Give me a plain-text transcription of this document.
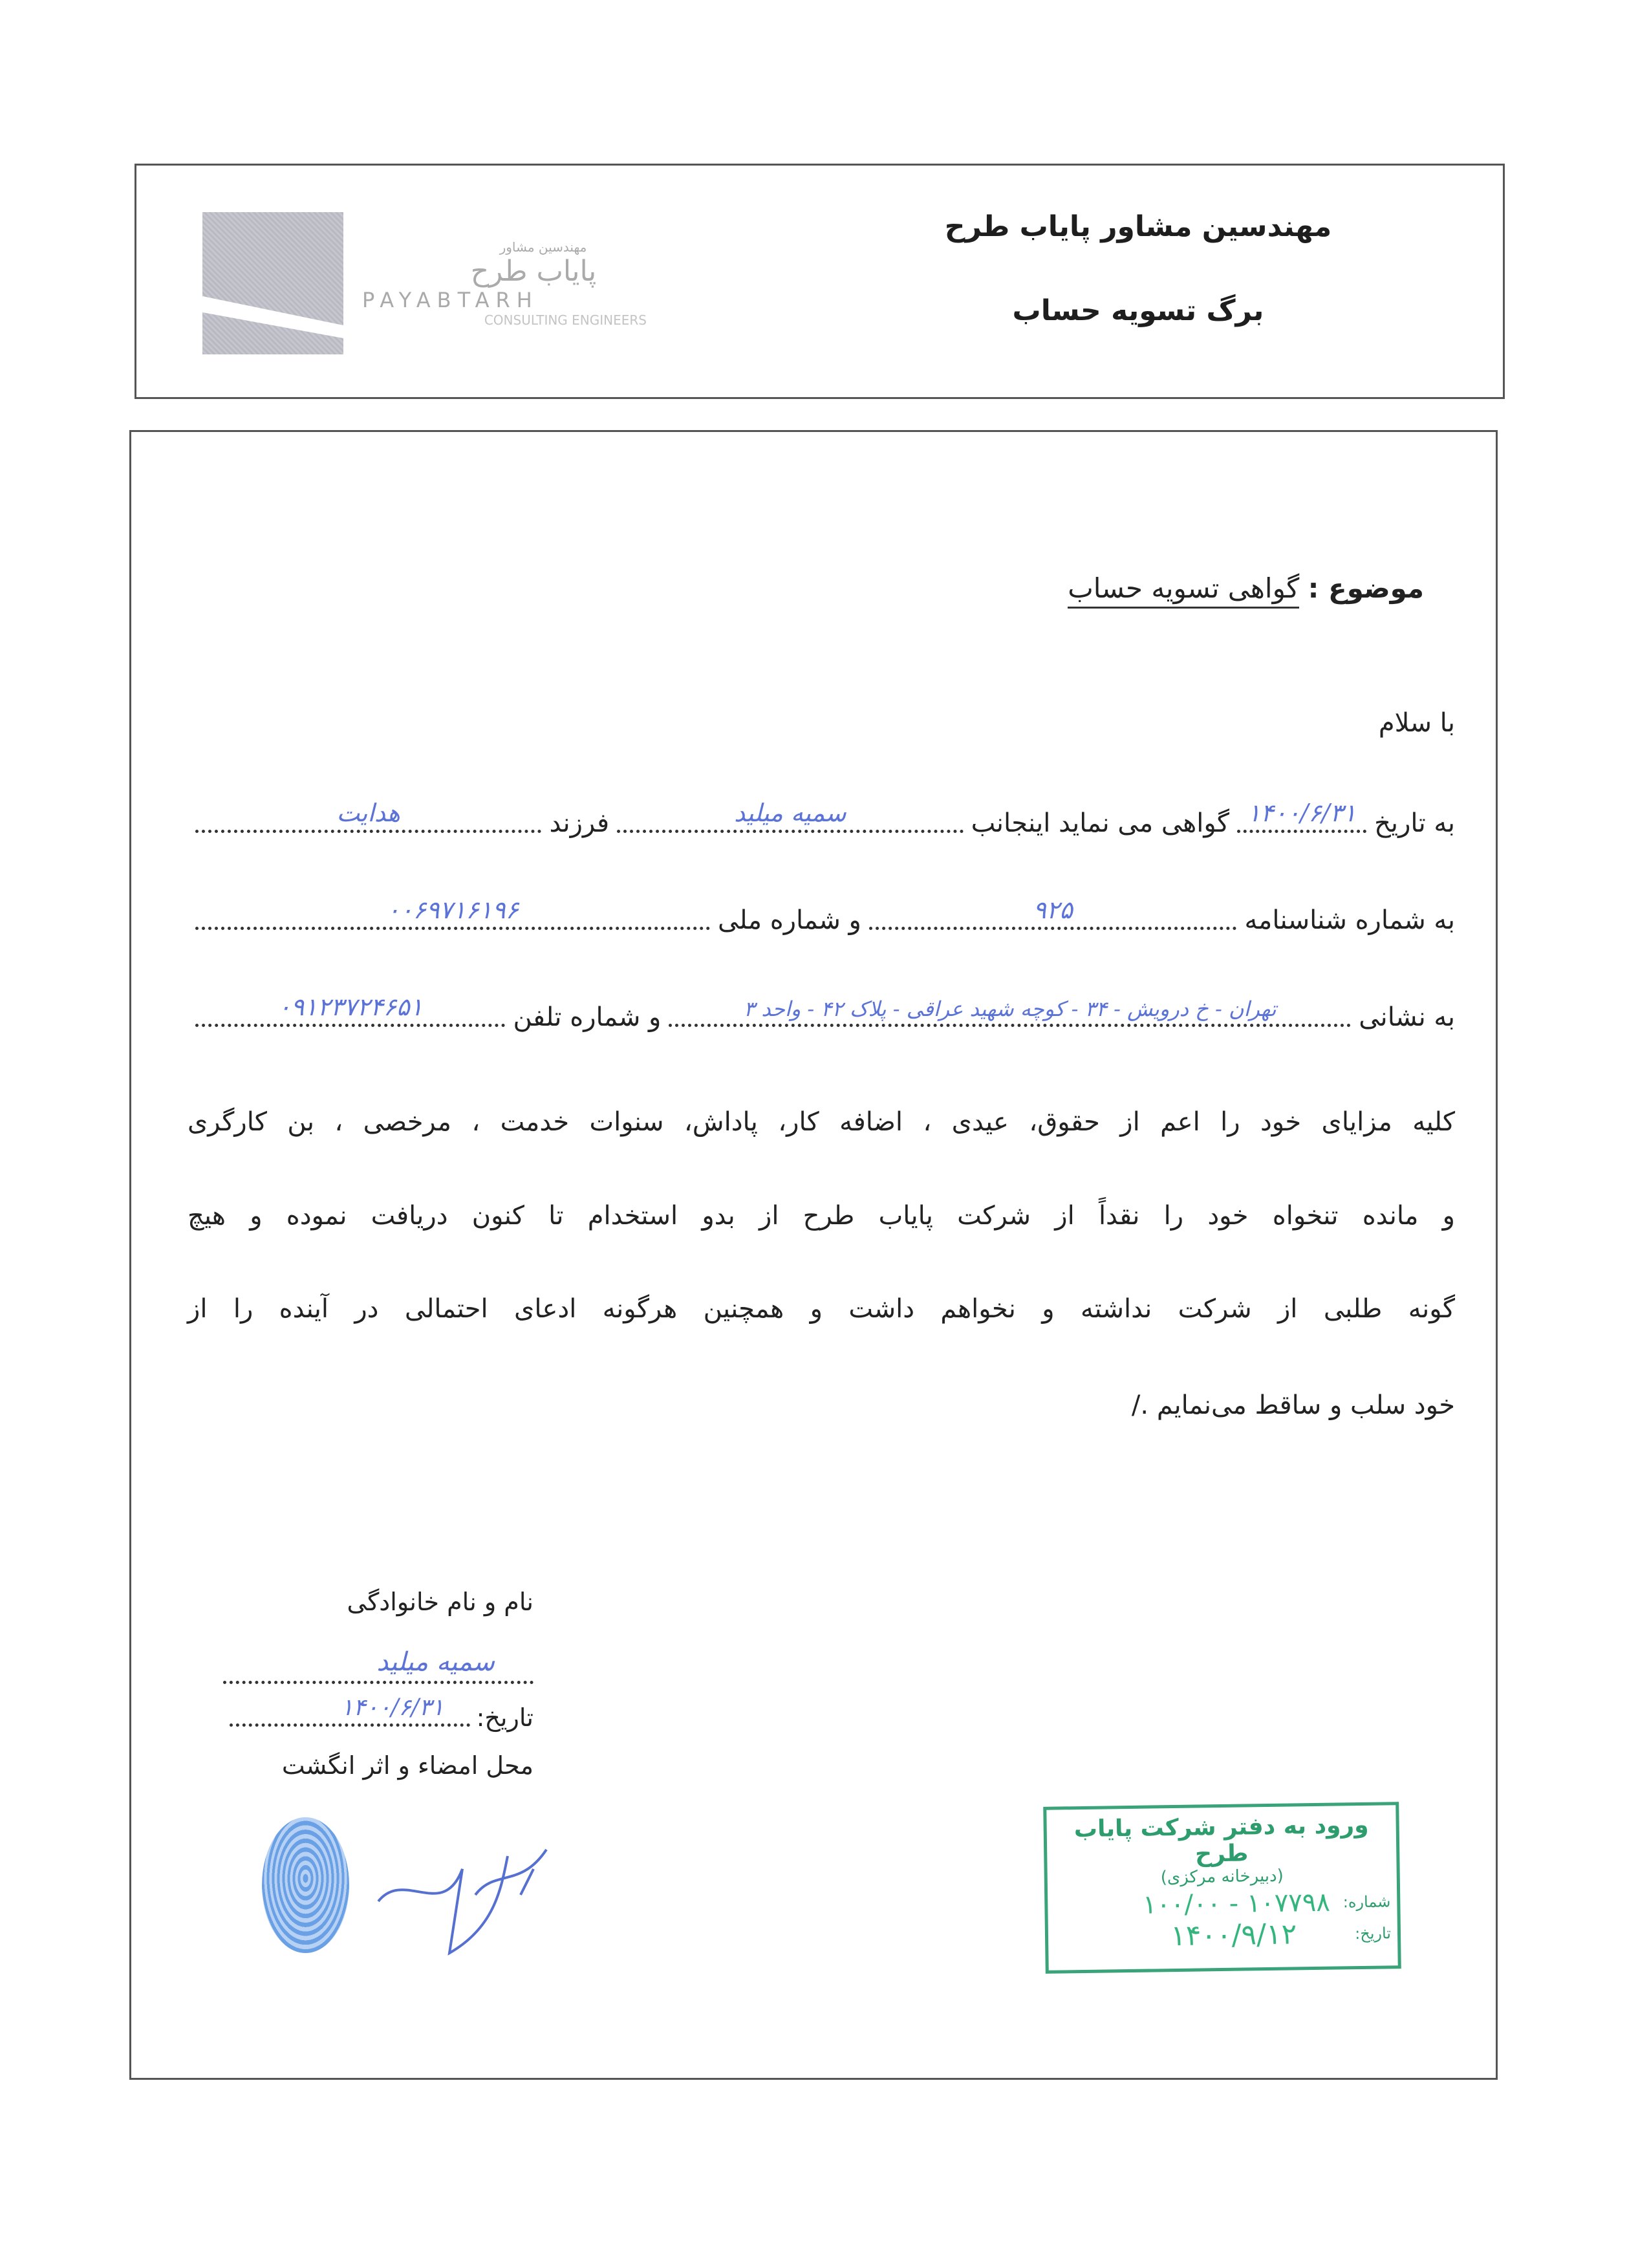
مهندسین مشاور
پایاب طرح
PAYABTARH
CONSULTING ENGINEERS
مهندسین مشاور پایاب طرح
برگ تسویه حساب
موضوع : گواهی تسویه حساب
با سلام
به تاریخ
۱۴۰۰/۶/۳۱
گواهی می نماید اینجانب
سمیه میلید
فرزند
هدایت
به شماره شناسنامه
۹۲۵
و شماره ملی
۰۰۶۹۷۱۶۱۹۶
به نشانی
تهران - خ درویش - ۳۴ - کوچه شهید عراقی - پلاک ۴۲ - واحد ۳
و شماره تلفن
۰۹۱۲۳۷۲۴۶۵۱
کلیه مزایای خود را اعم از حقوق، عیدی ، اضافه کار، پاداش، سنوات خدمت ، مرخصی ، بن کارگری
و مانده تنخواه خود را نقداً از شرکت پایاب طرح از بدو استخدام تا کنون دریافت نموده و هیچ
گونه طلبی از شرکت نداشته و نخواهم داشت و همچنین هرگونه ادعای احتمالی در آینده را از
خود سلب و ساقط می‌نمایم ./
نام و نام خانوادگی
سمیه میلید
تاریخ:
۱۴۰۰/۶/۳۱
محل امضاء و اثر انگشت
ورود به دفتر شرکت پایاب طرح
(دبیرخانه مرکزی)
شماره:
۱۰۷۷۹۸ - ۱۰۰/۰۰
تاریخ:
۱۴۰۰/۹/۱۲
